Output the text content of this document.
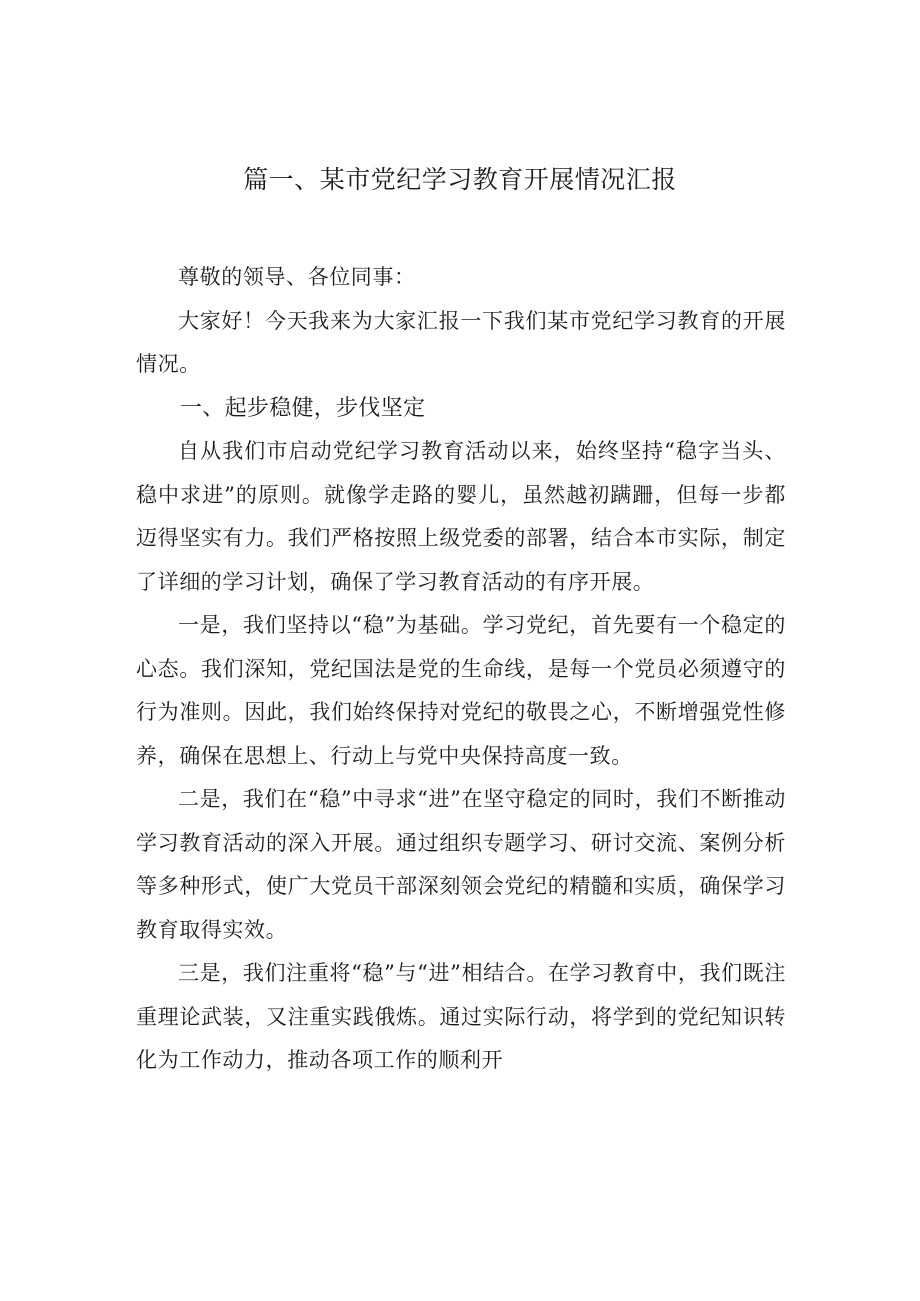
篇一、某市党纪学习教育开展情况汇报

尊敬的领导、各位同事：

大家好！今天我来为大家汇报一下我们某市党纪学习教育的开展情况。

一、起步稳健，步伐坚定

自从我们市启动党纪学习教育活动以来，始终坚持“稳字当头、稳中求进”的原则。就像学走路的婴儿，虽然越初蹒跚，但每一步都迈得坚实有力。我们严格按照上级党委的部署，结合本市实际，制定了详细的学习计划，确保了学习教育活动的有序开展。

一是，我们坚持以“稳”为基础。学习党纪，首先要有一个稳定的心态。我们深知，党纪国法是党的生命线，是每一个党员必须遵守的行为准则。因此，我们始终保持对党纪的敬畏之心，不断增强党性修养，确保在思想上、行动上与党中央保持高度一致。

二是，我们在“稳”中寻求“进”在坚守稳定的同时，我们不断推动学习教育活动的深入开展。通过组织专题学习、研讨交流、案例分析等多种形式，使广大党员干部深刻领会党纪的精髓和实质，确保学习教育取得实效。

三是，我们注重将“稳”与“进”相结合。在学习教育中，我们既注重理论武装，又注重实践俄炼。通过实际行动，将学到的党纪知识转化为工作动力，推动各项工作的顺利开
